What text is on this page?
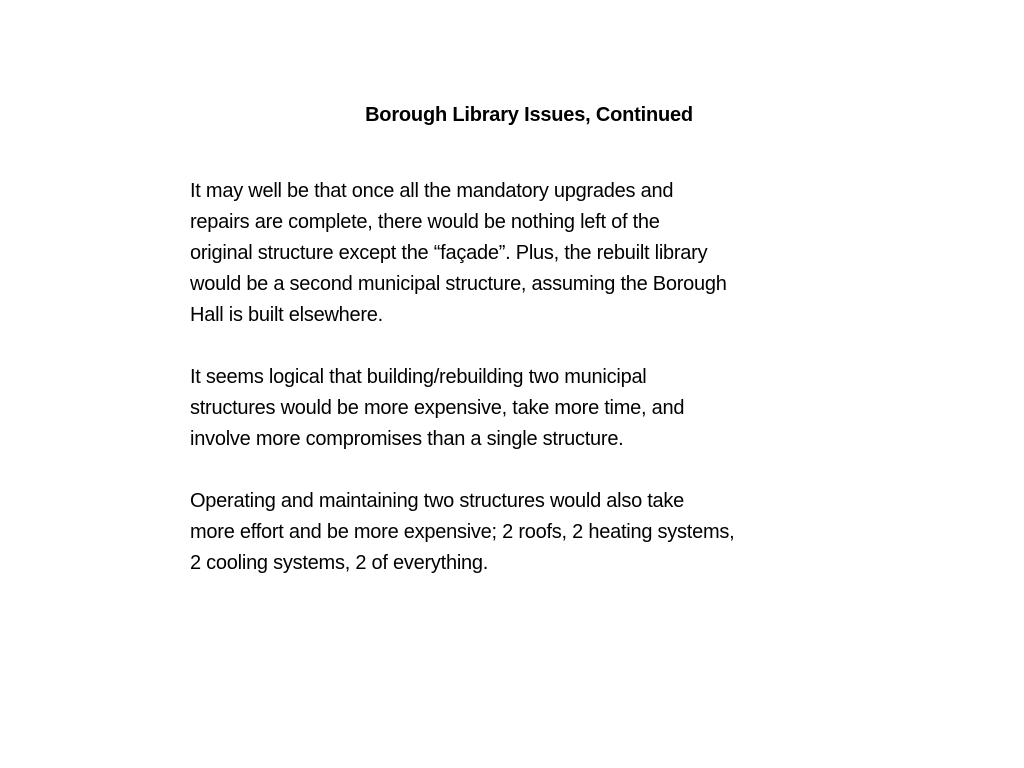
Borough Library Issues, Continued

It may well be that once all the mandatory upgrades and
repairs are complete, there would be nothing left of the
original structure except the “façade”. Plus, the rebuilt library
would be a second municipal structure, assuming the Borough
Hall is built elsewhere.

It seems logical that building/rebuilding two municipal
structures would be more expensive, take more time, and
involve more compromises than a single structure.

Operating and maintaining two structures would also take
more effort and be more expensive; 2 roofs, 2 heating systems,
2 cooling systems, 2 of everything.
